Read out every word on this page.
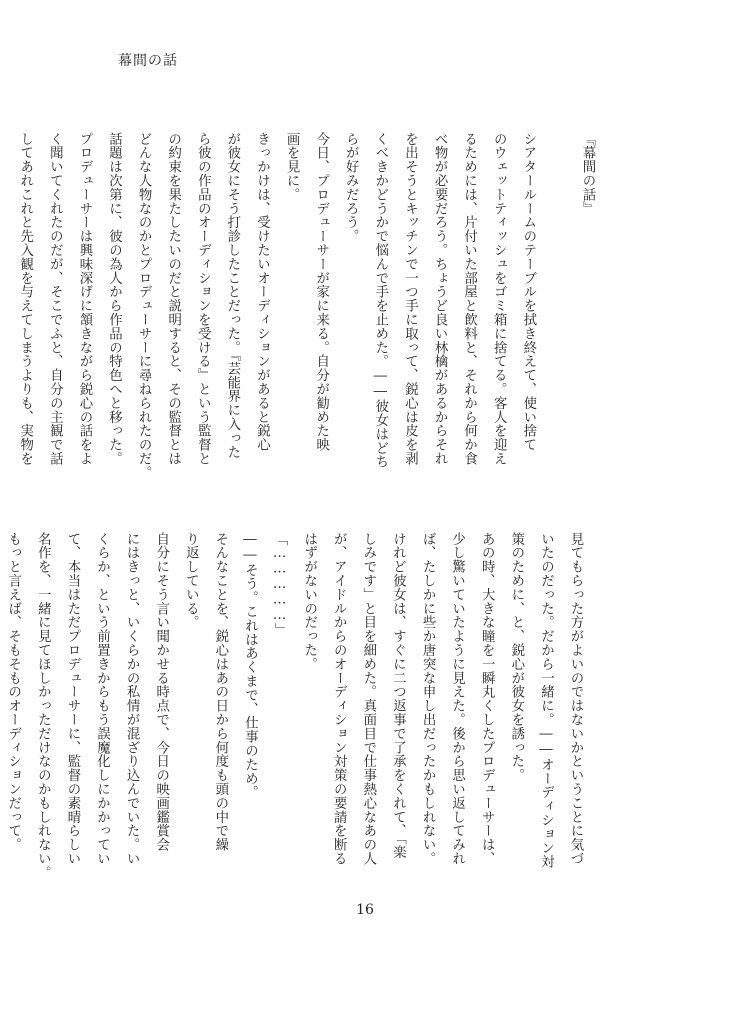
幕間の話
『幕間の話』

シアタールームのテーブルを拭き終えて、使い捨て
のウェットティッシュをゴミ箱に捨てる。客人を迎え
るためには、片付いた部屋と飲料と、それから何か食
べ物が必要だろう。ちょうど良い林檎があるからそれ
を出そうとキッチンで一つ手に取って、鋭心は皮を剥
くべきかどうかで悩んで手を止めた。――彼女はどち
らが好みだろう。
今日、プロデューサーが家に来る。自分が勧めた映
画を見に。
きっかけは、受けたいオーディションがあると鋭心
が彼女にそう打診したことだった。『芸能界に入った
ら彼の作品のオーディションを受ける』という監督と
の約束を果たしたいのだと説明すると、その監督とは
どんな人物なのかとプロデューサーに尋ねられたのだ。
話題は次第に、彼の為人から作品の特色へと移った。
プロデューサーは興味深げに頷きながら鋭心の話をよ
く聞いてくれたのだが、そこでふと、自分の主観で話
してあれこれと先入観を与えてしまうよりも、実物を
見てもらった方がよいのではないかということに気づ
いたのだった。だから一緒に。――オーディション対
策のために、と、鋭心が彼女を誘った。
あの時、大きな瞳を一瞬丸くしたプロデューサーは、
少し驚いていたように見えた。後から思い返してみれ
ば、たしかに些か唐突な申し出だったかもしれない。
けれど彼女は、すぐに二つ返事で了承をくれて、「楽
しみです」と目を細めた。真面目で仕事熱心なあの人
が、アイドルからのオーディション対策の要請を断る
はずがないのだった。
「……………」
――そう。これはあくまで、仕事のため。
そんなことを、鋭心はあの日から何度も頭の中で繰
り返している。
自分にそう言い聞かせる時点で、今日の映画鑑賞会
にはきっと、いくらかの私情が混ざり込んでいた。い
くらか、という前置きからもう誤魔化しにかかってい
て、本当はただプロデューサーに、監督の素晴らしい
名作を、一緒に見てほしかっただけなのかもしれない。
もっと言えば、そもそものオーディションだって。
16
